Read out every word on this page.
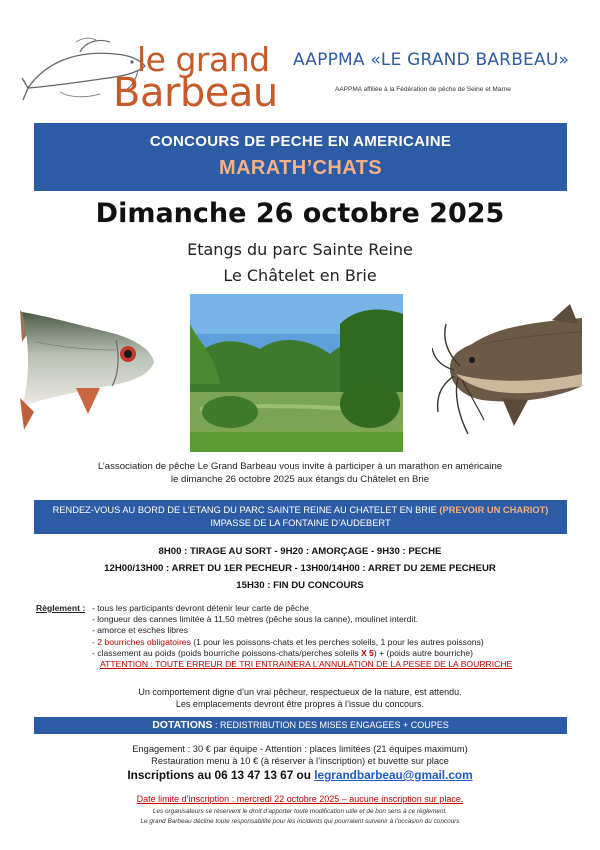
le grand
Barbeau
AAPPMA «LE GRAND BARBEAU»
AAPPMA affiliée à la Fédération de pêche de Seine et Marne
CONCOURS DE PECHE EN AMERICAINE
MARATH’CHATS
Dimanche 26 octobre 2025
Etangs du parc Sainte Reine
Le Châtelet en Brie
L’association de pêche Le Grand Barbeau vous invite à participer à un marathon en américaine
le dimanche 26 octobre 2025 aux étangs du Châtelet en Brie
RENDEZ-VOUS AU BORD DE L’ETANG DU PARC SAINTE REINE AU CHATELET EN BRIE (PREVOIR UN CHARIOT)
IMPASSE DE LA FONTAINE D’AUDEBERT
8H00 : TIRAGE AU SORT - 9H20 : AMORÇAGE - 9H30 : PECHE
12H00/13H00 : ARRET DU 1ER PECHEUR - 13H00/14H00 : ARRET DU 2EME PECHEUR
15H30 : FIN DU CONCOURS
Règlement : - tous les participants devront détenir leur carte de pêche
- longueur des cannes limitée à 11,50 mètres (pêche sous la canne), moulinet interdit.
- amorce et esches libres
- 2 bourriches obligatoires (1 pour les poissons-chats et les perches soleils, 1 pour les autres poissons)
- classement au poids (poids bourriche poissons-chats/perches soleils X 5) + (poids autre bourriche)
ATTENTION : TOUTE ERREUR DE TRI ENTRAINERA L’ANNULATION DE LA PESEE DE LA BOURRICHE
Un comportement digne d’un vrai pêcheur, respectueux de la nature, est attendu.
Les emplacements devront être propres à l’issue du concours.
DOTATIONS : REDISTRIBUTION DES MISES ENGAGEES + COUPES
Engagement : 30 € par équipe - Attention : places limitées (21 équipes maximum)
Restauration menu à 10 € (à réserver à l’inscription) et buvette sur place
Inscriptions au 06 13 47 13 67 ou legrandbarbeau@gmail.com
Date limite d’inscription : mercredi 22 octobre 2025 – aucune inscription sur place.
Les organisateurs se réservent le droit d’apporter toute modification utile et de bon sens à ce règlement.
Le grand Barbeau décline toute responsabilité pour les incidents qui pourraient survenir à l’occasion du concours
